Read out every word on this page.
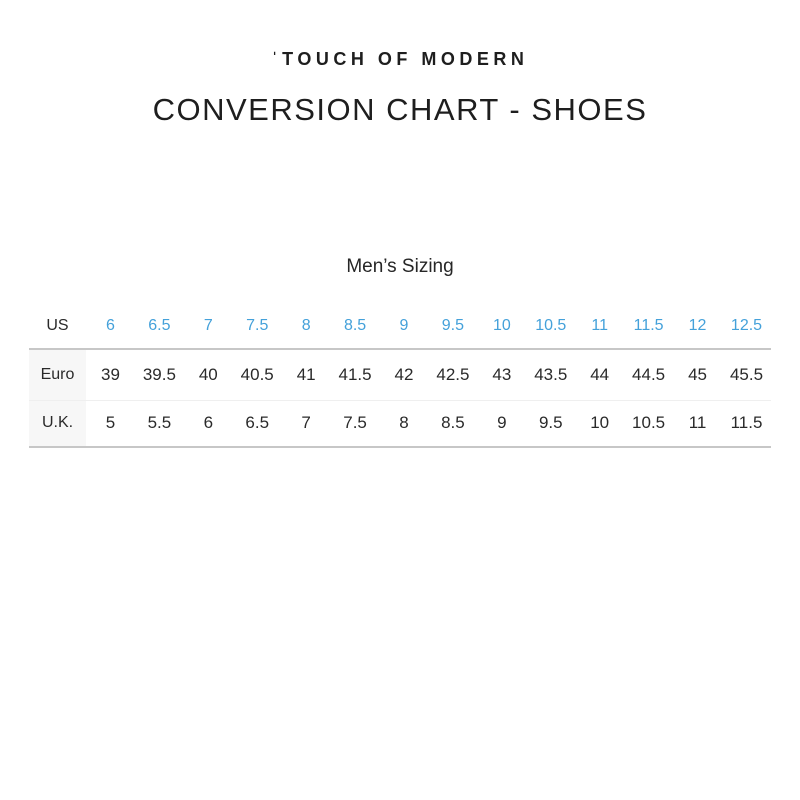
ˈTOUCH OF MODERN
CONVERSION CHART - SHOES
Men’s Sizing
US	6	6.5	7	7.5	8	8.5	9	9.5	10	10.5	11	11.5	12	12.5
Euro	39	39.5	40	40.5	41	41.5	42	42.5	43	43.5	44	44.5	45	45.5
U.K.	5	5.5	6	6.5	7	7.5	8	8.5	9	9.5	10	10.5	11	11.5
